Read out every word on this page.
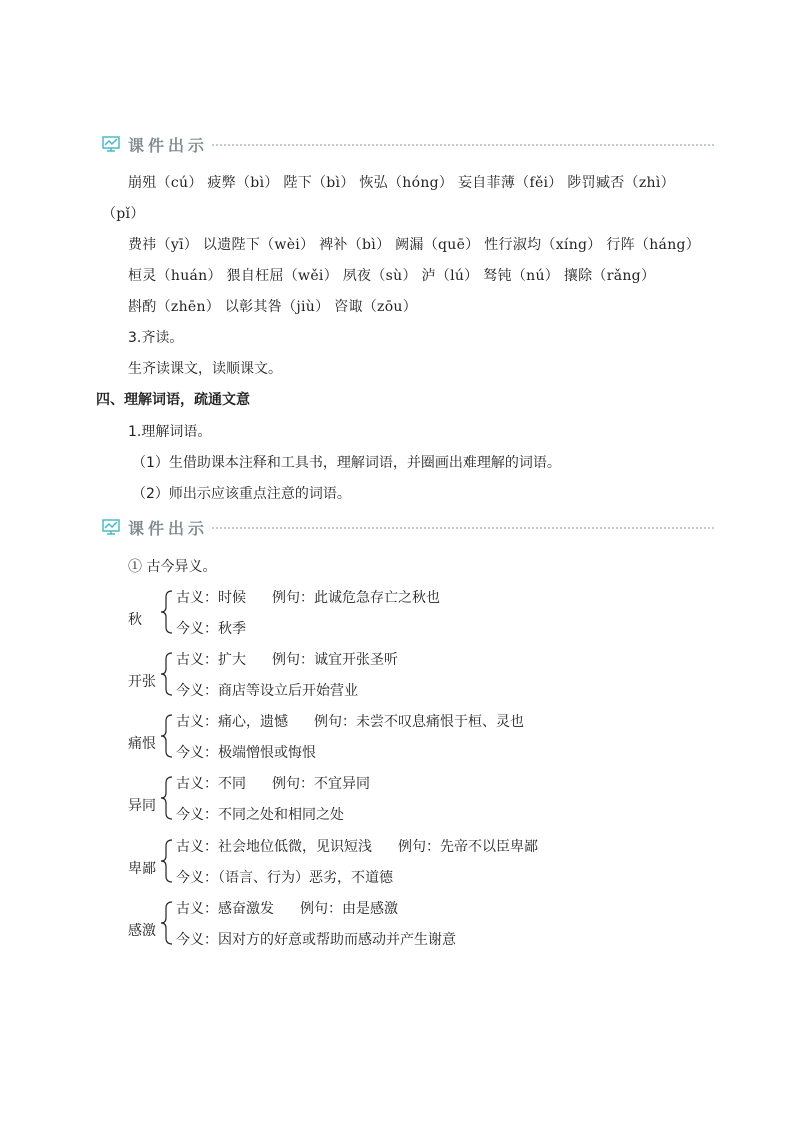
课件出示
崩殂（cú） 疲弊（bì） 陛下（bì） 恢弘（hóng） 妄自菲薄（fěi） 陟罚臧否（zhì）
（pǐ）
费祎（yī） 以遗陛下（wèi） 裨补（bì） 阙漏（quē） 性行淑均（xíng） 行阵（háng）
桓灵（huán） 猥自枉屈（wěi） 夙夜（sù） 泸（lú） 驽钝（nú） 攘除（rǎng）
斟酌（zhēn） 以彰其咎（jiù） 咨诹（zōu）
3.齐读。
生齐读课文，读顺课文。
四、理解词语，疏通文意
1.理解词语。
（1）生借助课本注释和工具书，理解词语，并圈画出难理解的词语。
（2）师出示应该重点注意的词语。
课件出示
① 古今异义。
秋
古义：时候 例句：此诚危急存亡之秋也
今义：秋季
开张
古义：扩大 例句：诚宜开张圣听
今义：商店等设立后开始营业
痛恨
古义：痛心，遗憾 例句：未尝不叹息痛恨于桓、灵也
今义：极端憎恨或悔恨
异同
古义：不同 例句：不宜异同
今义：不同之处和相同之处
卑鄙
古义：社会地位低微，见识短浅 例句：先帝不以臣卑鄙
今义：（语言、行为）恶劣，不道德
感激
古义：感奋激发 例句：由是感激
今义：因对方的好意或帮助而感动并产生谢意
